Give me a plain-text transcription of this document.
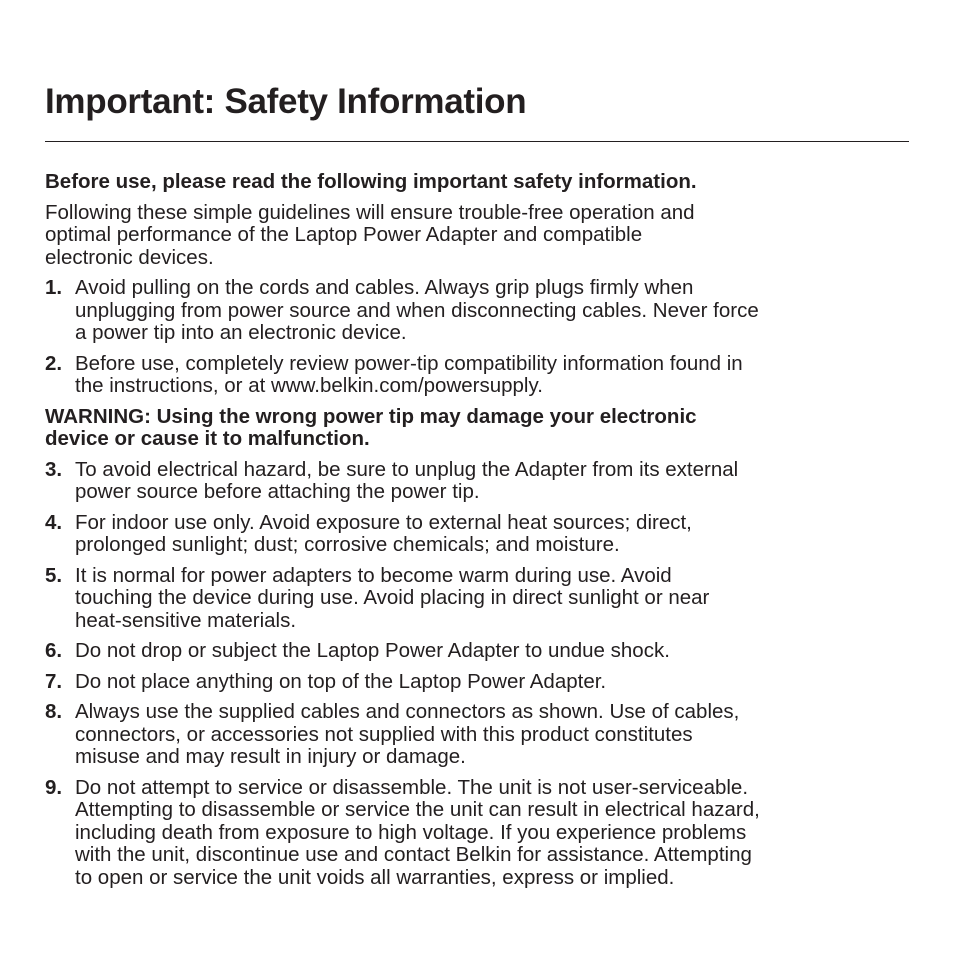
Important: Safety Information

Before use, please read the following important safety information.

Following these simple guidelines will ensure trouble-free operation and
optimal performance of the Laptop Power Adapter and compatible
electronic devices.

1. Avoid pulling on the cords and cables. Always grip plugs firmly when
unplugging from power source and when disconnecting cables. Never force
a power tip into an electronic device.
2. Before use, completely review power-tip compatibility information found in
the instructions, or at www.belkin.com/powersupply.

WARNING: Using the wrong power tip may damage your electronic
device or cause it to malfunction.

3. To avoid electrical hazard, be sure to unplug the Adapter from its external
power source before attaching the power tip.
4. For indoor use only. Avoid exposure to external heat sources; direct,
prolonged sunlight; dust; corrosive chemicals; and moisture.
5. It is normal for power adapters to become warm during use. Avoid
touching the device during use. Avoid placing in direct sunlight or near
heat-sensitive materials.
6. Do not drop or subject the Laptop Power Adapter to undue shock.
7. Do not place anything on top of the Laptop Power Adapter.
8. Always use the supplied cables and connectors as shown. Use of cables,
connectors, or accessories not supplied with this product constitutes
misuse and may result in injury or damage.
9. Do not attempt to service or disassemble. The unit is not user-serviceable.
Attempting to disassemble or service the unit can result in electrical hazard,
including death from exposure to high voltage. If you experience problems
with the unit, discontinue use and contact Belkin for assistance. Attempting
to open or service the unit voids all warranties, express or implied.
